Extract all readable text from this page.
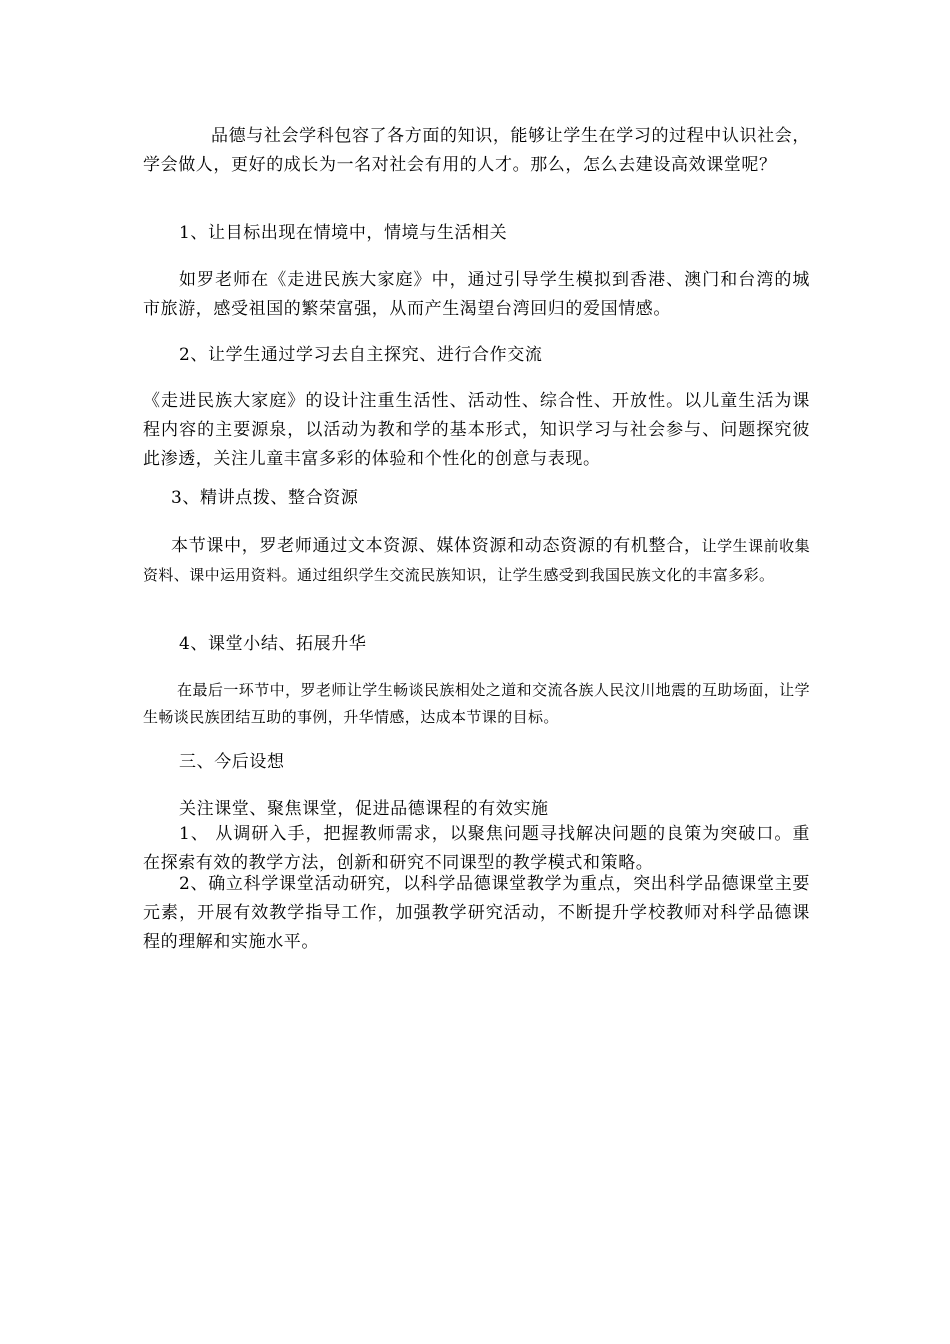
品德与社会学科包容了各方面的知识，能够让学生在学习的过程中认识社会，学会做人，更好的成长为一名对社会有用的人才。那么，怎么去建设高效课堂呢？

1、让目标出现在情境中，情境与生活相关

如罗老师在《走进民族大家庭》中，通过引导学生模拟到香港、澳门和台湾的城市旅游，感受祖国的繁荣富强，从而产生渴望台湾回归的爱国情感。

2、让学生通过学习去自主探究、进行合作交流

《走进民族大家庭》的设计注重生活性、活动性、综合性、开放性。以儿童生活为课程内容的主要源泉，以活动为教和学的基本形式，知识学习与社会参与、问题探究彼此渗透，关注儿童丰富多彩的体验和个性化的创意与表现。

3、精讲点拨、整合资源

本节课中，罗老师通过文本资源、媒体资源和动态资源的有机整合，让学生课前收集资料、课中运用资料。通过组织学生交流民族知识，让学生感受到我国民族文化的丰富多彩。

4、课堂小结、拓展升华

在最后一环节中，罗老师让学生畅谈民族相处之道和交流各族人民汶川地震的互助场面，让学生畅谈民族团结互助的事例，升华情感，达成本节课的目标。

三、今后设想

关注课堂、聚焦课堂，促进品德课程的有效实施

1、 从调研入手，把握教师需求，以聚焦问题寻找解决问题的良策为突破口。重在探索有效的教学方法，创新和研究不同课型的教学模式和策略。

2、确立科学课堂活动研究，以科学品德课堂教学为重点，突出科学品德课堂主要元素，开展有效教学指导工作，加强教学研究活动，不断提升学校教师对科学品德课程的理解和实施水平。
